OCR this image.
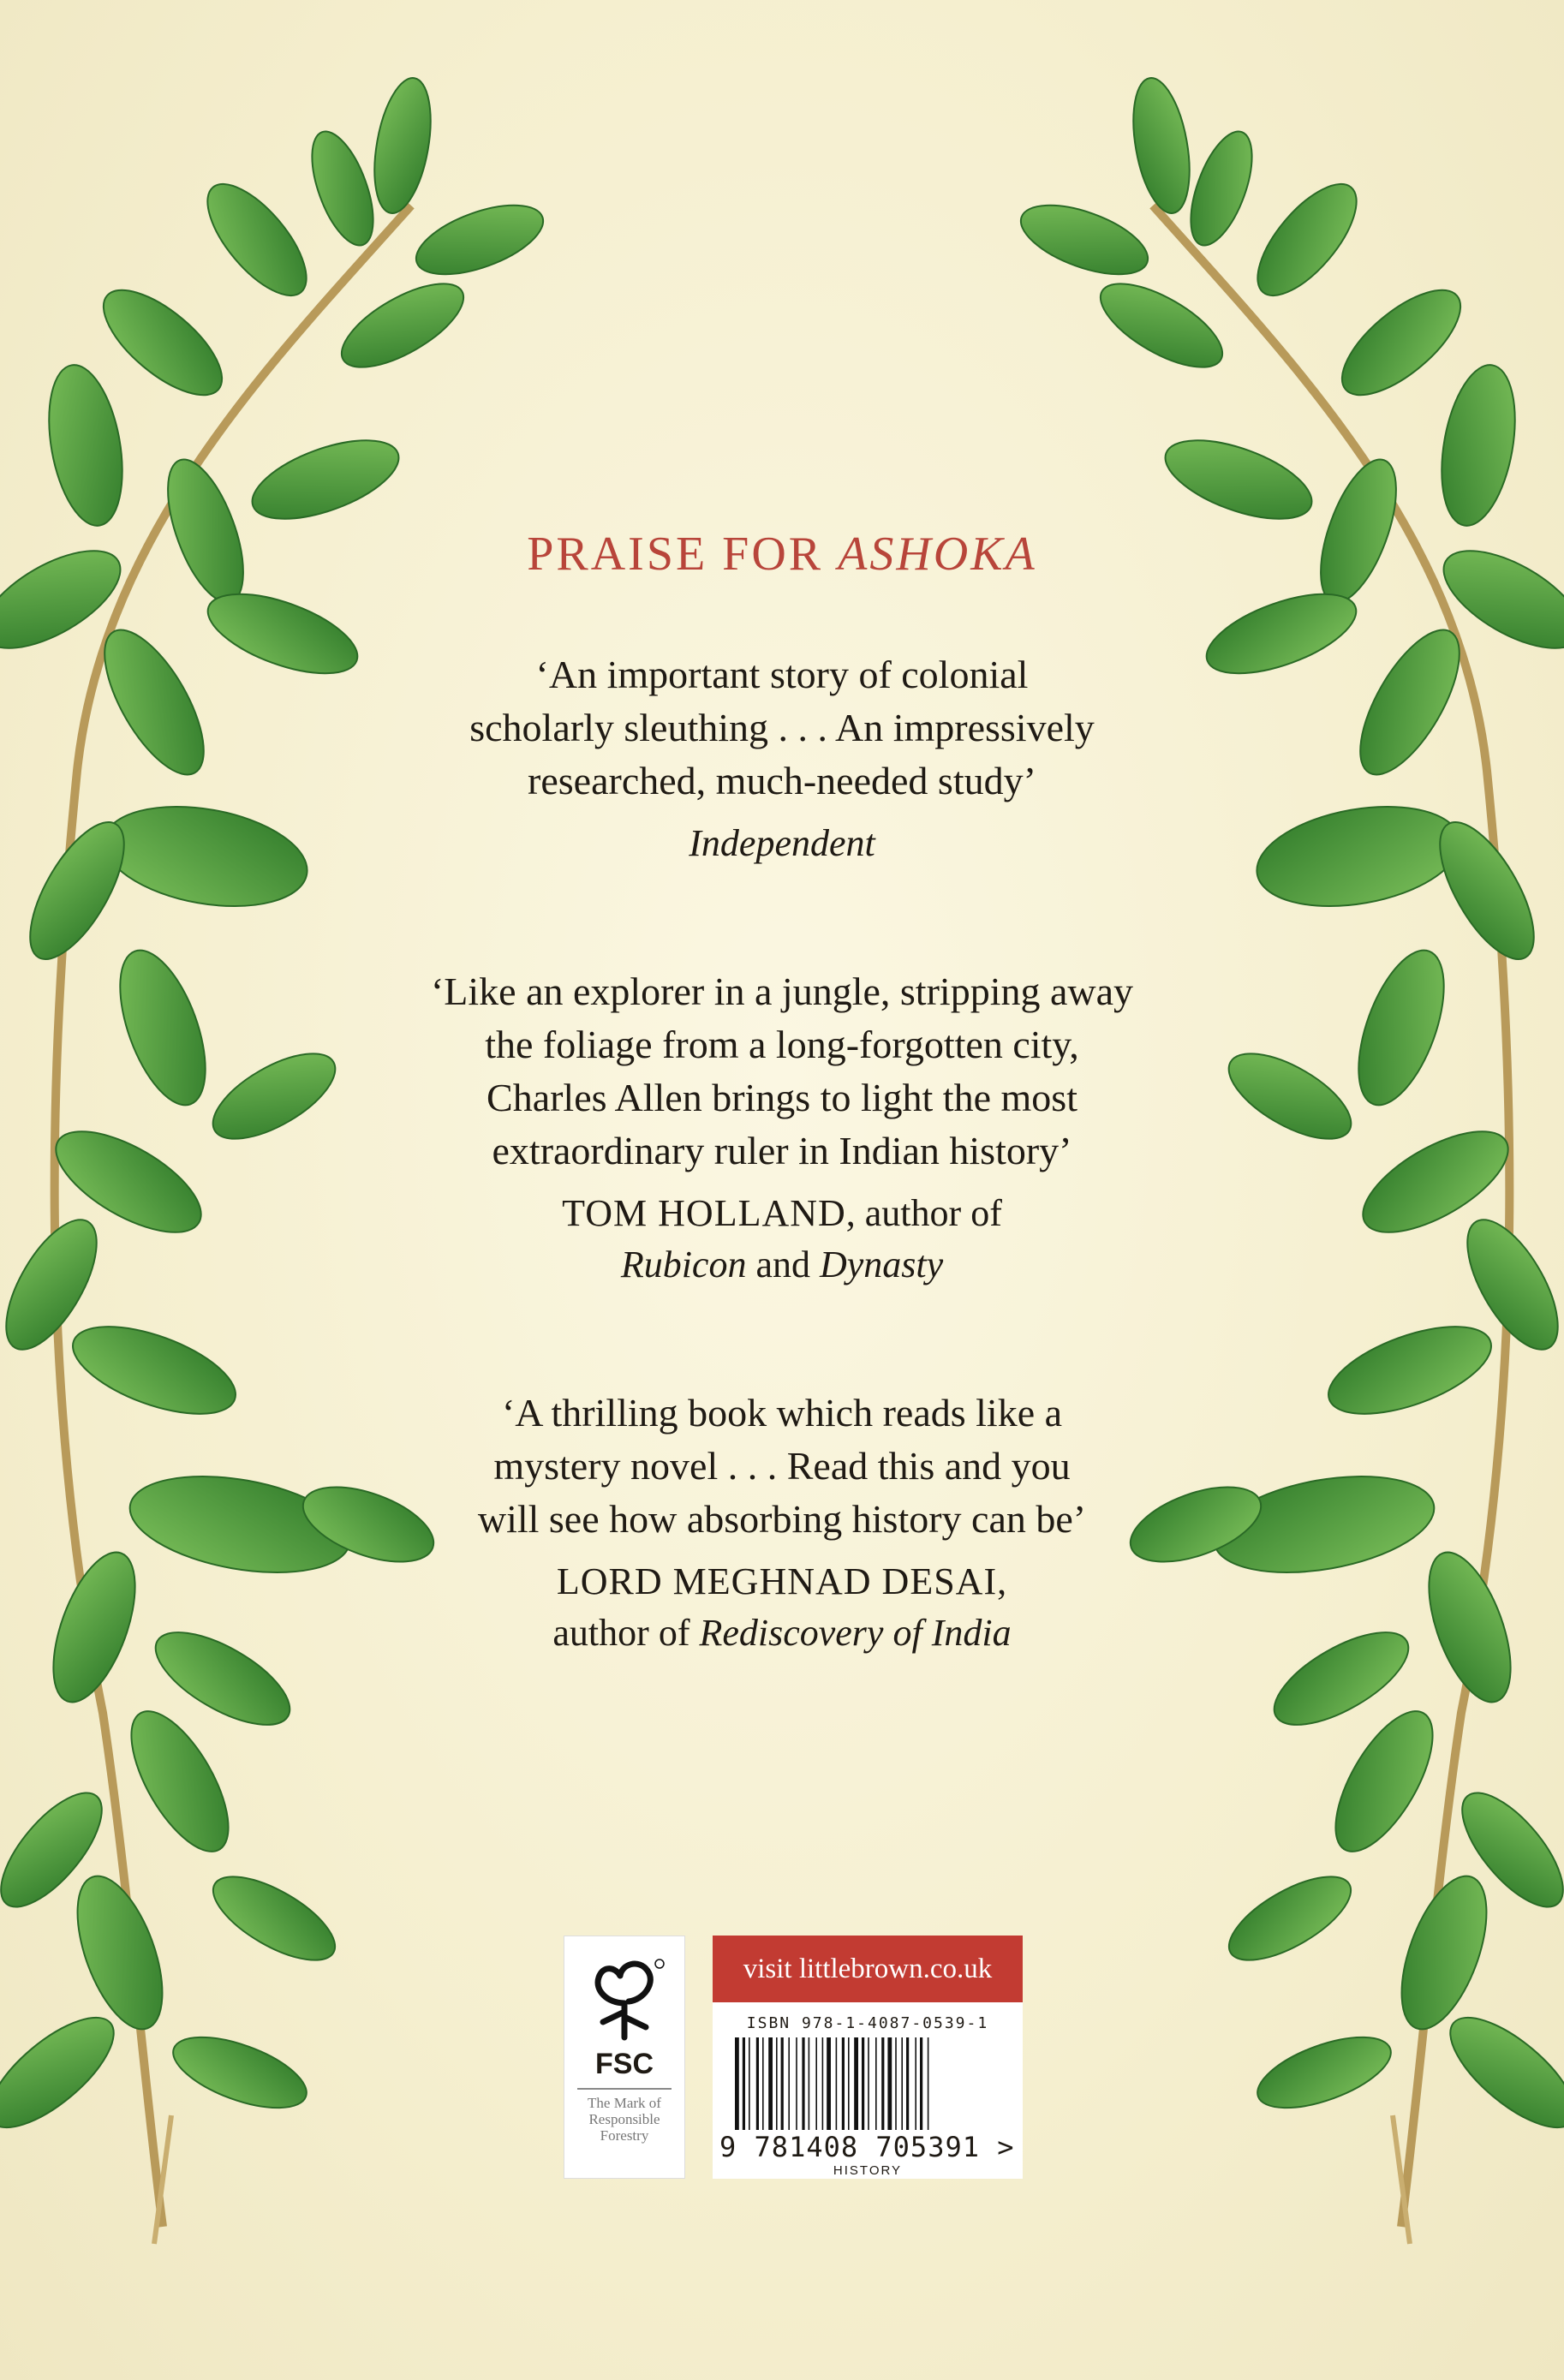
PRAISE FOR ASHOKA

‘An important story of colonial
scholarly sleuthing . . . An impressively
researched, much-needed study’

Independent

‘Like an explorer in a jungle, stripping away
the foliage from a long-forgotten city,
Charles Allen brings to light the most
extraordinary ruler in Indian history’

TOM HOLLAND, author of
Rubicon and Dynasty

‘A thrilling book which reads like a
mystery novel . . . Read this and you
will see how absorbing history can be’

LORD MEGHNAD DESAI,
author of Rediscovery of India

FSC
The Mark of
Responsible
Forestry
visit littlebrown.co.uk
ISBN 978-1-4087-0539-1
9 781408 705391 >
HISTORY
